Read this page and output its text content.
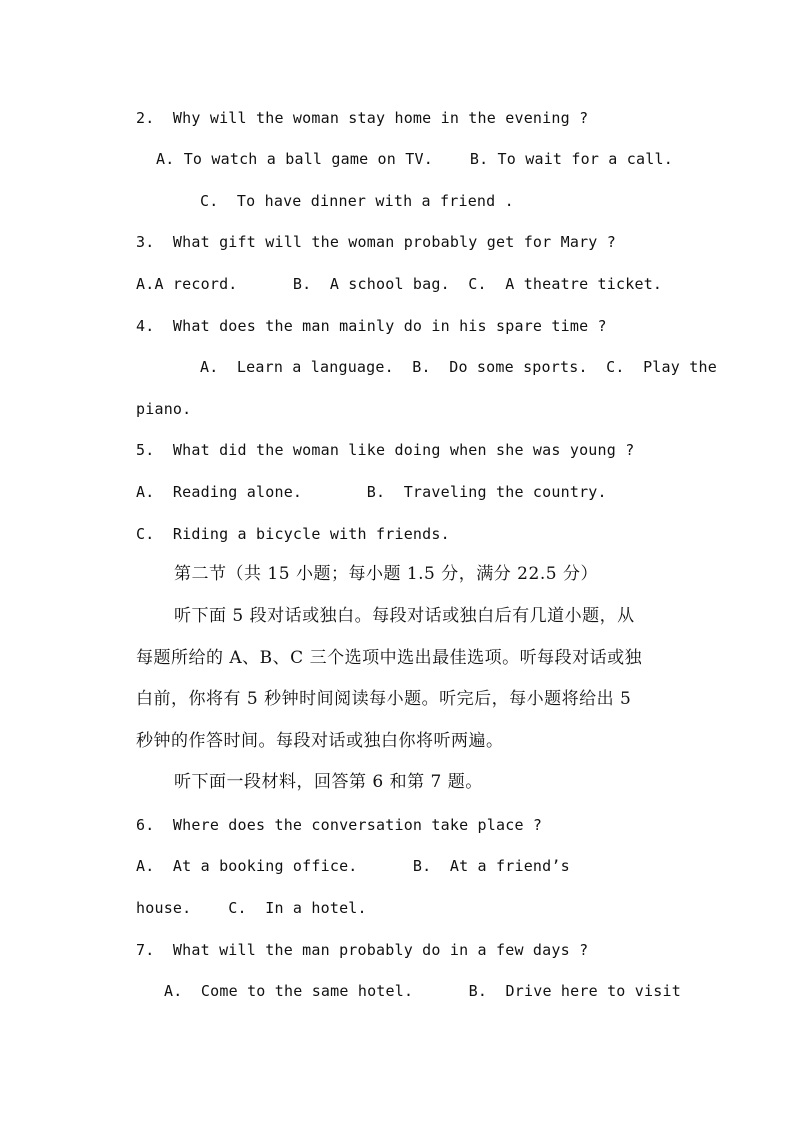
2.  Why will the woman stay home in the evening ?
A. To watch a ball game on TV.    B. To wait for a call.
C.  To have dinner with a friend .
3.  What gift will the woman probably get for Mary ?
A.A record.      B.  A school bag.  C.  A theatre ticket.
4.  What does the man mainly do in his spare time ?
A.  Learn a language.  B.  Do some sports.  C.  Play the
piano.
5.  What did the woman like doing when she was young ?
A.  Reading alone.       B.  Traveling the country.
C.  Riding a bicycle with friends.
第二节（共 15 小题；每小题 1.5 分，满分 22.5 分）
听下面 5 段对话或独白。每段对话或独白后有几道小题，从
每题所给的 A、B、C 三个选项中选出最佳选项。听每段对话或独
白前，你将有 5 秒钟时间阅读每小题。听完后，每小题将给出 5
秒钟的作答时间。每段对话或独白你将听两遍。
听下面一段材料，回答第 6 和第 7 题。
6.  Where does the conversation take place ?
A.  At a booking office.      B.  At a friend’s
house.    C.  In a hotel.
7.  What will the man probably do in a few days ?
A.  Come to the same hotel.      B.  Drive here to visit
